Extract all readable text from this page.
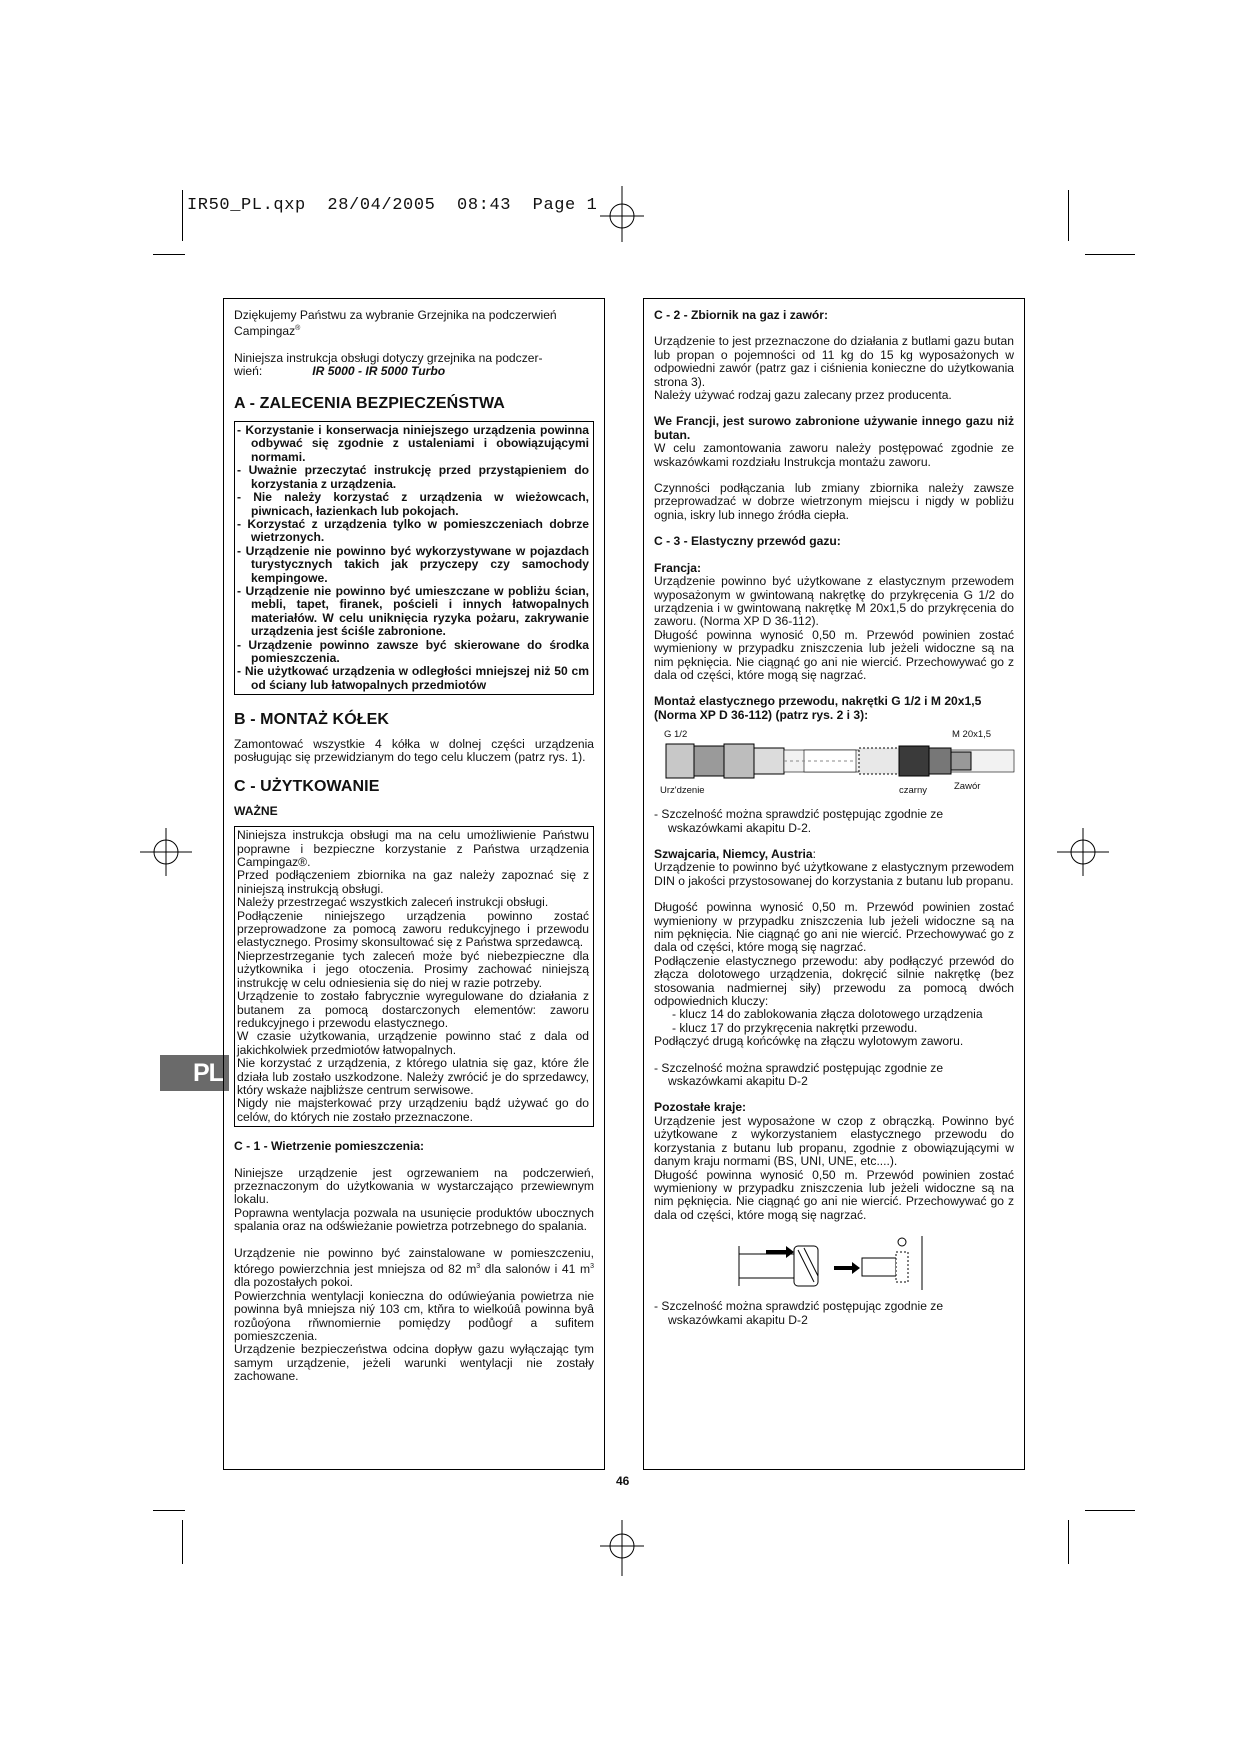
IR50_PL.qxp  28/04/2005  08:43  Page 1
PL

Dziękujemy Państwu za wybranie Grzejnika na podczerwień Campingaz®

Niniejsza instrukcja obsługi dotyczy grzejnika na podczer- wień:	IR 5000 - IR 5000 Turbo

A - ZALECENIA BEZPIECZEŃSTWA

- Korzystanie i konserwacja niniejszego urządzenia powinna odbywać się zgodnie z ustaleniami i obowiązującymi normami.

- Uważnie przeczytać instrukcję przed przystąpieniem do korzystania z urządzenia.

- Nie należy korzystać z urządzenia w wieżowcach, piwnicach, łazienkach lub pokojach.

- Korzystać z urządzenia tylko w pomieszczeniach dobrze wietrzonych.

- Urządzenie nie powinno być wykorzystywane w pojazdach turystycznych takich jak przyczepy czy samochody kempingowe.

- Urządzenie nie powinno być umieszczane w pobliżu ścian, mebli, tapet, firanek, pościeli i innych łatwopalnych materiałów. W celu uniknięcia ryzyka pożaru, zakrywanie urządzenia jest ściśle zabronione.

- Urządzenie powinno zawsze być skierowane do środka pomieszczenia.

- Nie użytkować urządzenia w odległości mniejszej niż 50 cm od ściany lub łatwopalnych przedmiotów

B - MONTAŻ KÓŁEK

Zamontować wszystkie 4 kółka w dolnej części urządzenia posługując się przewidzianym do tego celu kluczem (patrz rys. 1).

C - UŻYTKOWANIE
WAŻNE

Niniejsza instrukcja obsługi ma na celu umożliwienie Państwu poprawne i bezpieczne korzystanie z Państwa urządzenia Campingaz®.

Przed podłączeniem zbiornika na gaz należy zapoznać się z niniejszą instrukcją obsługi.

Należy przestrzegać wszystkich zaleceń instrukcji obsługi.

Podłączenie niniejszego urządzenia powinno zostać przeprowadzone za pomocą zaworu redukcyjnego i przewodu elastycznego. Prosimy skonsultować się z Państwa sprzedawcą.

Nieprzestrzeganie tych zaleceń może być niebezpieczne dla użytkownika i jego otoczenia. Prosimy zachować niniejszą instrukcję w celu odniesienia się do niej w razie potrzeby.

Urządzenie to zostało fabrycznie wyregulowane do działania z butanem za pomocą dostarczonych elementów: zaworu redukcyjnego i przewodu elastycznego.

W czasie użytkowania, urządzenie powinno stać z dala od jakichkolwiek przedmiotów łatwopalnych.

Nie korzystać z urządzenia, z którego ulatnia się gaz, które źle działa lub zostało uszkodzone. Należy zwrócić je do sprzedawcy, który wskaże najbliższe centrum serwisowe.

Nigdy nie majsterkować przy urządzeniu bądź używać go do celów, do których nie zostało przeznaczone.

C - 1 - Wietrzenie pomieszczenia:

Niniejsze urządzenie jest ogrzewaniem na podczerwień, przeznaczonym do użytkowania w wystarczająco przewiewnym lokalu.

Poprawna wentylacja pozwala na usunięcie produktów ubocznych spalania oraz na odświeżanie powietrza potrzebnego do spalania.

Urządzenie nie powinno być zainstalowane w pomieszczeniu, którego powierzchnia jest mniejsza od 82 $m^3$ dla salonów i 41 $m^3$ dla pozostałych pokoi.

Powierzchnia wentylacji konieczna do odúwieýania powietrza nie powinna byâ mniejsza niý 103 cm, ktňra to wielkoúâ powinna byâ rozůoýona rňwnomiernie pomiędzy podůogŕ a sufitem pomieszczenia.

Urządzenie bezpieczeństwa odcina dopływ gazu wyłączając tym samym urządzenie, jeżeli warunki wentylacji nie zostały zachowane.

C - 2 - Zbiornik na gaz i zawór:

Urządzenie to jest przeznaczone do działania z butlami gazu butan lub propan o pojemności od 11 kg do 15 kg wyposażonych w odpowiedni zawór (patrz gaz i ciśnienia konieczne do użytkowania strona 3).

Należy używać rodzaj gazu zalecany przez producenta.

We Francji, jest surowo zabronione używanie innego gazu niż butan.

W celu zamontowania zaworu należy postępować zgodnie ze wskazówkami rozdziału Instrukcja montażu zaworu.

Czynności podłączania lub zmiany zbiornika należy zawsze przeprowadzać w dobrze wietrzonym miejscu i nigdy w pobliżu ognia, iskry lub innego źródła ciepła.

C - 3 - Elastyczny przewód gazu:

Francja:

Urządzenie powinno być użytkowane z elastycznym przewodem wyposażonym w gwintowaną nakrętkę do przykręcenia G 1/2 do urządzenia i w gwintowaną nakrętkę M 20x1,5 do przykręcenia do zaworu. (Norma XP D 36-112).

Długość powinna wynosić 0,50 m. Przewód powinien zostać wymieniony w przypadku zniszczenia lub jeżeli widoczne są na nim pęknięcia. Nie ciągnąć go ani nie wiercić. Przechowywać go z dala od części, które mogą się nagrzać.

Montaż elastycznego przewodu, nakrętki G 1/2 i M 20x1,5 (Norma XP D 36-112) (patrz rys. 2 i 3):

G 1/2	M 20x1,5
Urz'dzenie	czarny	Zawór

- Szczelność można sprawdzić postępując zgodnie ze wskazówkami akapitu D-2.

Szwajcaria, Niemcy, Austria:

Urządzenie to powinno być użytkowane z elastycznym przewodem DIN o jakości przystosowanej do korzystania z butanu lub propanu.

Długość powinna wynosić 0,50 m. Przewód powinien zostać wymieniony w przypadku zniszczenia lub jeżeli widoczne są na nim pęknięcia. Nie ciągnąć go ani nie wiercić. Przechowywać go z dala od części, które mogą się nagrzać.

Podłączenie elastycznego przewodu: aby podłączyć przewód do złącza dolotowego urządzenia, dokręcić silnie nakrętkę (bez stosowania nadmiernej siły) przewodu za pomocą dwóch odpowiednich kluczy:

- klucz 14 do zablokowania złącza dolotowego urządzenia

- klucz 17 do przykręcenia nakrętki przewodu.

Podłączyć drugą końcówkę na złączu wylotowym zaworu.

- Szczelność można sprawdzić postępując zgodnie ze wskazówkami akapitu D-2

Pozostałe kraje:

Urządzenie jest wyposażone w czop z obrączką. Powinno być użytkowane z wykorzystaniem elastycznego przewodu do korzystania z butanu lub propanu, zgodnie z obowiązującymi w danym kraju normami (BS, UNI, UNE, etc....).

Długość powinna wynosić 0,50 m. Przewód powinien zostać wymieniony w przypadku zniszczenia lub jeżeli widoczne są na nim pęknięcia. Nie ciągnąć go ani nie wiercić. Przechowywać go z dala od części, które mogą się nagrzać.

- Szczelność można sprawdzić postępując zgodnie ze wskazówkami akapitu D-2

46
